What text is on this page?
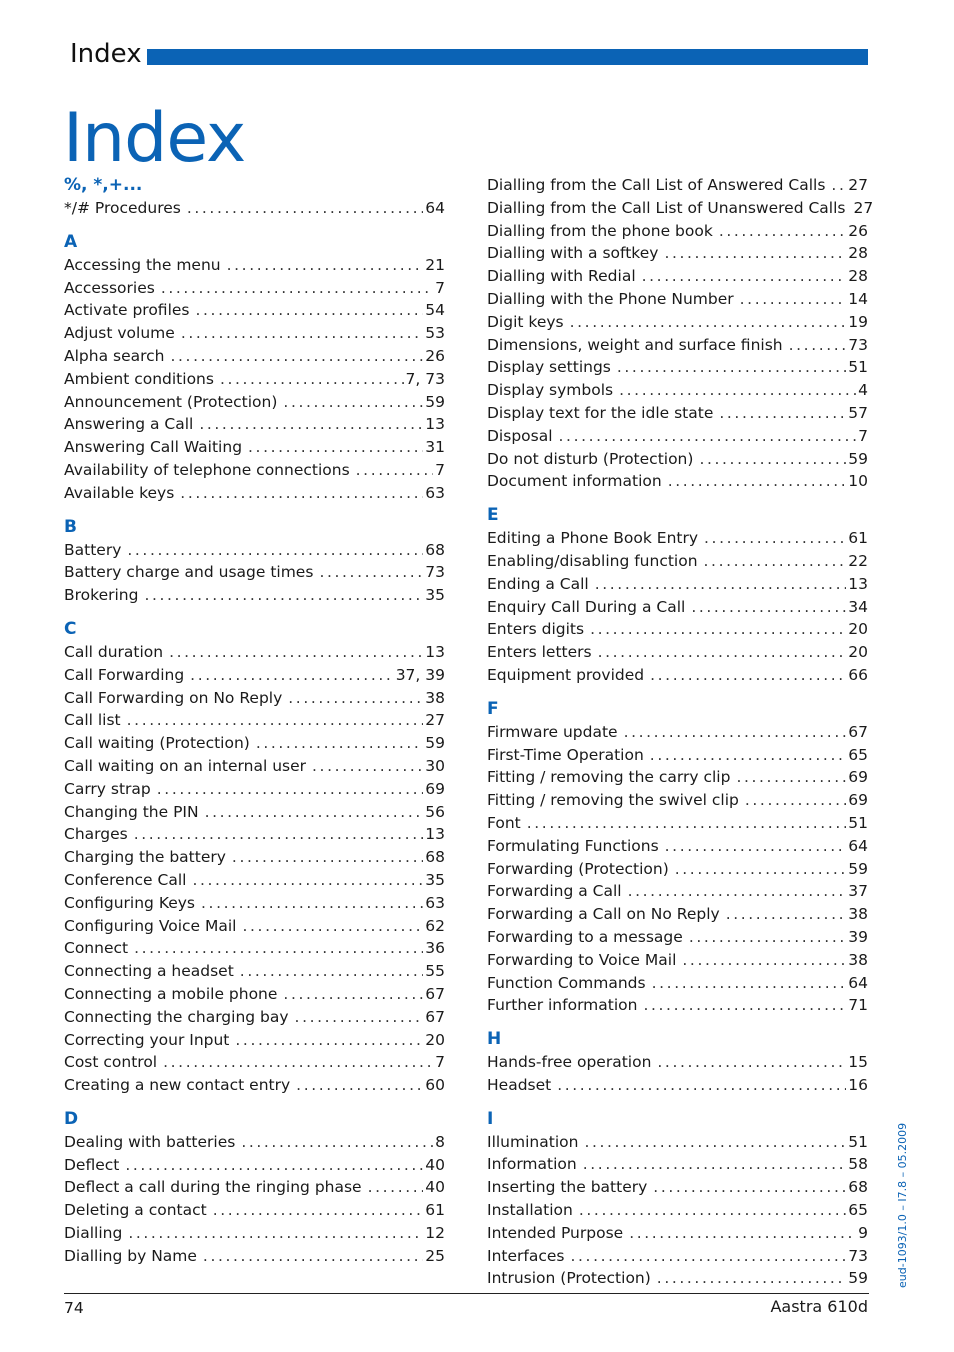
Index
Index
%, *,+...
*/# Procedures .....	64
A
Accessing the menu .....	21
Accessories .....	7
Activate profiles .....	54
Adjust volume .....	53
Alpha search .....	26
Ambient conditions .....	7, 73
Announcement (Protection) .....	59
Answering a Call .....	13
Answering Call Waiting .....	31
Availability of telephone connections .....	7
Available keys .....	63
B
Battery .....	68
Battery charge and usage times .....	73
Brokering .....	35
C
Call duration .....	13
Call Forwarding .....	37, 39
Call Forwarding on No Reply .....	38
Call list .....	27
Call waiting (Protection) .....	59
Call waiting on an internal user .....	30
Carry strap .....	69
Changing the PIN .....	56
Charges .....	13
Charging the battery .....	68
Conference Call .....	35
Configuring Keys .....	63
Configuring Voice Mail .....	62
Connect .....	36
Connecting a headset .....	55
Connecting a mobile phone .....	67
Connecting the charging bay .....	67
Correcting your Input .....	20
Cost control .....	7
Creating a new contact entry .....	60
D
Dealing with batteries .....	8
Deflect .....	40
Deflect a call during the ringing phase .....	40
Deleting a contact .....	61
Dialling .....	12
Dialling by Name .....	25
Dialling from the Call List of Answered Calls .....	27
Dialling from the Call List of Unanswered Calls 27
Dialling from the phone book .....	26
Dialling with a softkey .....	28
Dialling with Redial .....	28
Dialling with the Phone Number .....	14
Digit keys .....	19
Dimensions, weight and surface finish .....	73
Display settings .....	51
Display symbols .....	4
Display text for the idle state .....	57
Disposal .....	7
Do not disturb (Protection) .....	59
Document information .....	10
E
Editing a Phone Book Entry .....	61
Enabling/disabling function .....	22
Ending a Call .....	13
Enquiry Call During a Call .....	34
Enters digits .....	20
Enters letters .....	20
Equipment provided .....	66
F
Firmware update .....	67
First-Time Operation .....	65
Fitting / removing the carry clip .....	69
Fitting / removing the swivel clip .....	69
Font .....	51
Formulating Functions .....	64
Forwarding (Protection) .....	59
Forwarding a Call .....	37
Forwarding a Call on No Reply .....	38
Forwarding to a message .....	39
Forwarding to Voice Mail .....	38
Function Commands .....	64
Further information .....	71
H
Hands-free operation .....	15
Headset .....	16
I
Illumination .....	51
Information .....	58
Inserting the battery .....	68
Installation .....	65
Intended Purpose .....	9
Interfaces .....	73
Intrusion (Protection) .....	59
74	Aastra 610d
eud-1093/1.0 – I7.8 – 05.2009
